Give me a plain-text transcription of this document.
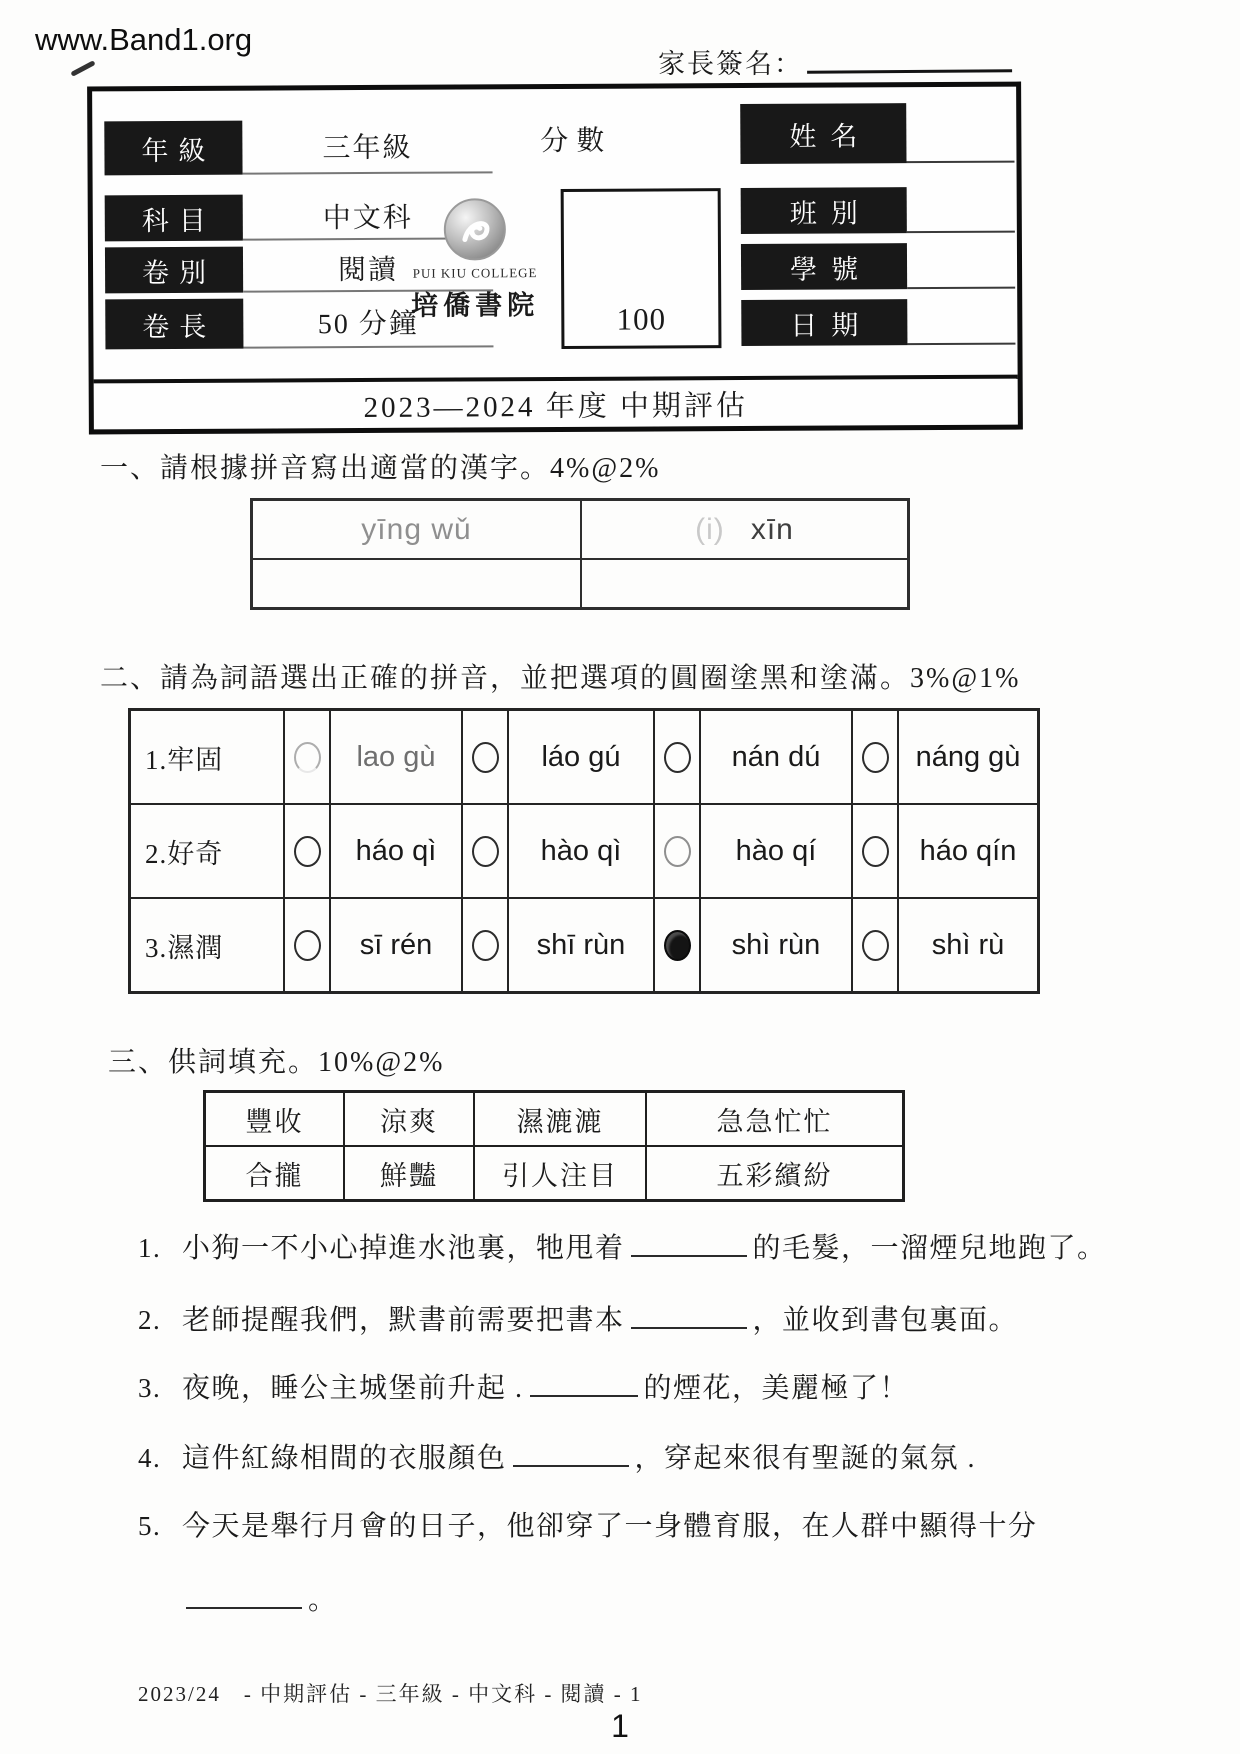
www.Band1.org
家長簽名：
年級	三年級
科目	中文科
卷別	閱讀
卷長	50 分鐘
分數
PUI KIU COLLEGE
培僑書院 100
姓名
班別
學號
日期
2023—2024 年度 中期評估
一、請根據拼音寫出適當的漢字。4%@2%
yīng wǔ	(i) xīn
二、請為詞語選出正確的拼音，並把選項的圓圈塗黑和塗滿。3%@1%
1.牢固	lao gù	láo gú	nán dú	náng gù
2.好奇	háo qì	hào qì	hào qí	háo qín
3.濕潤	sī rén	shī rùn	shì rùn	shì rù
三、供詞填充。10%@2%
豐收	涼爽	濕漉漉	急急忙忙
合攏	鮮豔	引人注目	五彩繽紛
1. 小狗一不小心掉進水池裏，牠甩着	的毛髮，一溜煙兒地跑了。
2. 老師提醒我們，默書前需要把書本	，並收到書包裏面。
3. 夜晚，睡公主城堡前升起 .	的煙花，美麗極了！
4. 這件紅綠相間的衣服顏色	，穿起來很有聖誕的氣氛 .
5. 今天是舉行月會的日子，他卻穿了一身體育服，在人群中顯得十分
。
2023/24　- 中期評估 - 三年級 - 中文科 - 閱讀 - 1
1
